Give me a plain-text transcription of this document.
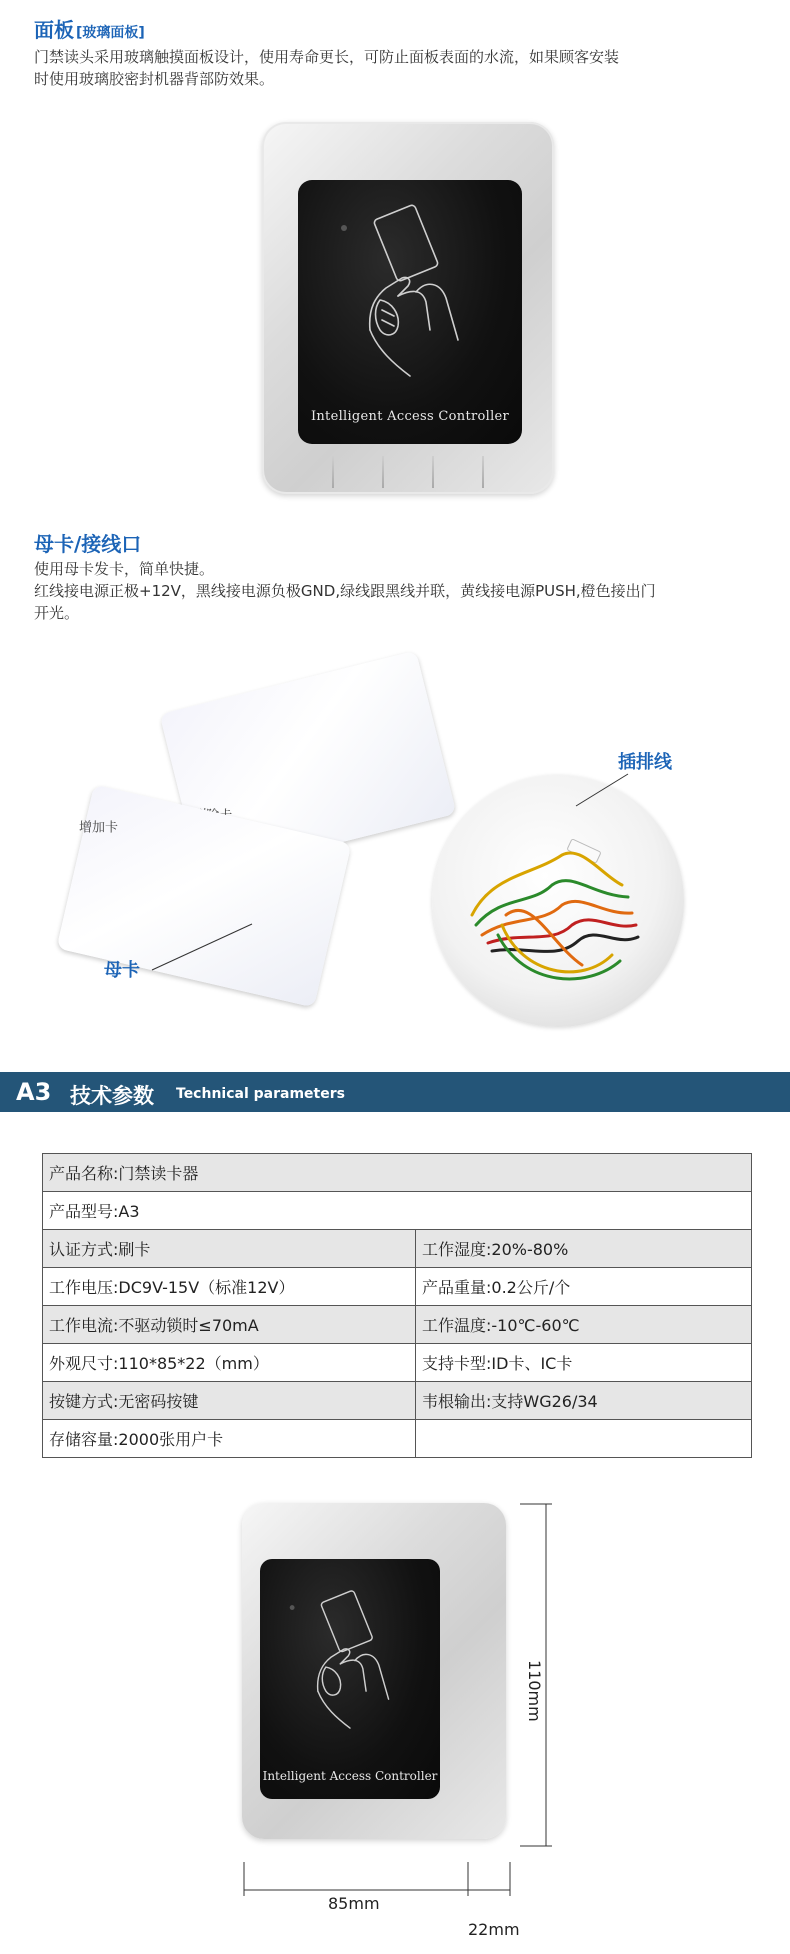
面板 [玻璃面板]
门禁读头采用玻璃触摸面板设计，使用寿命更长，可防止面板表面的水流，如果顾客安装
时使用玻璃胶密封机器背部防效果。
Intelligent Access Controller
母卡/接线口
使用母卡发卡，简单快捷。
红线接电源正极+12V，黑线接电源负极GND,绿线跟黑线并联，黄线接电源PUSH,橙色接出门
开光。
增加卡
插排线
母卡
A3 技术参数 Technical parameters
产品名称:门禁读卡器	
产品型号:A3	
认证方式:刷卡	工作湿度:20%-80%
工作电压:DC9V-15V（标准12V）	产品重量:0.2公斤/个
工作电流:不驱动锁时≤70mA	工作温度:-10℃-60℃
外观尺寸:110*85*22（mm）	支持卡型:ID卡、IC卡
按键方式:无密码按键	韦根输出:支持WG26/34
存储容量:2000张用户卡	
Intelligent Access Controller
110mm
85mm
22mm
